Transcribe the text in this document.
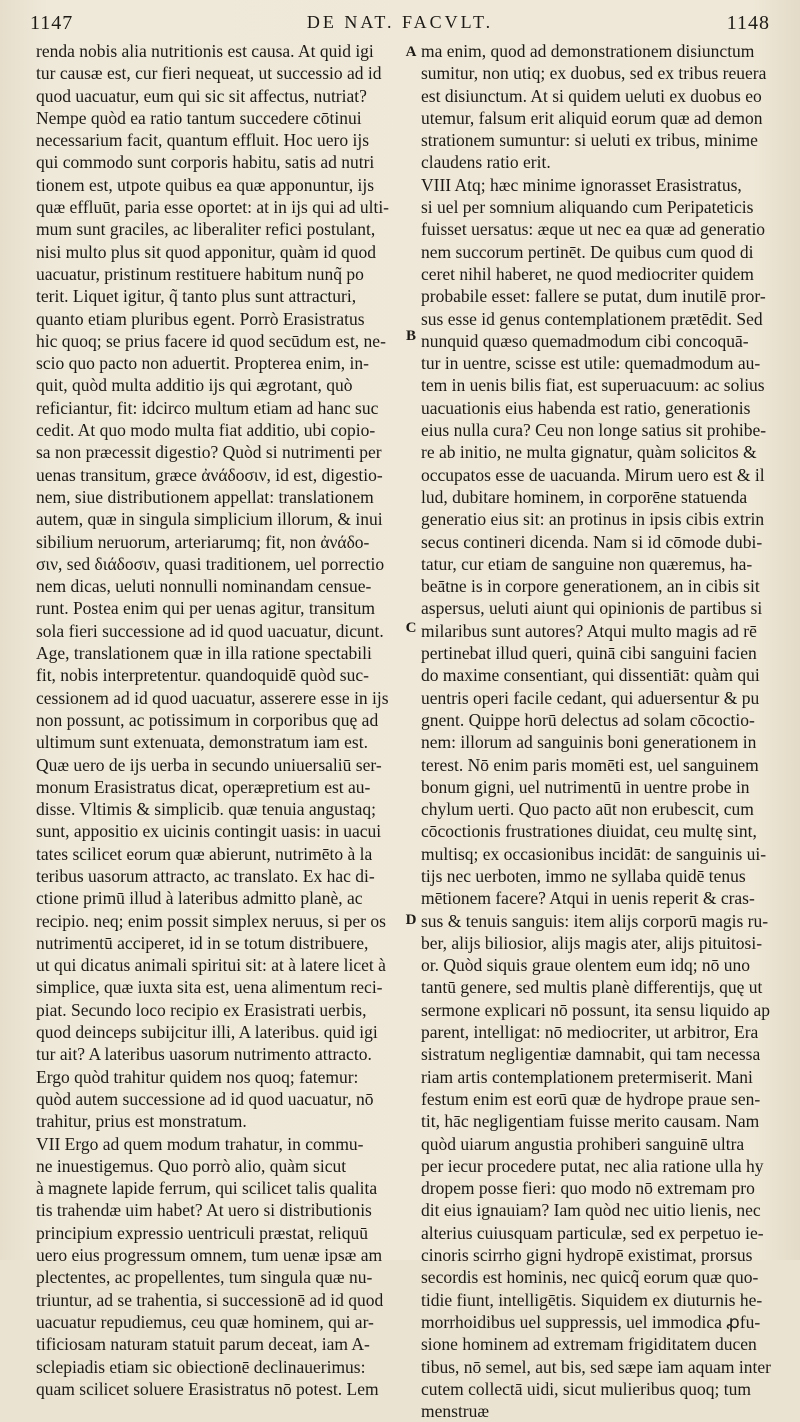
1147	DE NAT. FACVLT.	1148

renda nobis alia nutritionis est causa. At quid igi

tur causæ est, cur fieri nequeat, ut successio ad id

quod uacuatur, eum qui sic sit affectus, nutriat?

Nempe quòd ea ratio tantum succedere cōtinui

necessarium facit, quantum effluit. Hoc uero ijs

qui commodo sunt corporis habitu, satis ad nutri

tionem est, utpote quibus ea quæ apponuntur, ijs

quæ effluūt, paria esse oportet: at in ijs qui ad ulti-

mum sunt graciles, ac liberaliter refici postulant,

nisi multo plus sit quod apponitur, quàm id quod

uacuatur, pristinum restituere habitum nunq̃ po

terit. Liquet igitur, q̃ tanto plus sunt attracturi,

quanto etiam pluribus egent. Porrò Erasistratus

hic quoq; se prius facere id quod secūdum est, ne-

scio quo pacto non aduertit. Propterea enim, in-

quit, quòd multa additio ijs qui ægrotant, quò

reficiantur, fit: idcirco multum etiam ad hanc suc

cedit. At quo modo multa fiat additio, ubi copio-

sa non præcessit digestio? Quòd si nutrimenti per

uenas transitum, græce ἀνάδοσιν, id est, digestio-

nem, siue distributionem appellat: translationem

autem, quæ in singula simplicium illorum, & inui

sibilium neruorum, arteriarumq; fit, non ἀνάδο-

σιν, sed διάδοσιν, quasi traditionem, uel porrectio

nem dicas, ueluti nonnulli nominandam censue-

runt. Postea enim qui per uenas agitur, transitum

sola fieri successione ad id quod uacuatur, dicunt.

Age, translationem quæ in illa ratione spectabili

fit, nobis interpretentur. quandoquidē quòd suc-

cessionem ad id quod uacuatur, asserere esse in ijs

non possunt, ac potissimum in corporibus quę ad

ultimum sunt extenuata, demonstratum iam est.

Quæ uero de ijs uerba in secundo uniuersaliū ser-

monum Erasistratus dicat, operæpretium est au-

disse. Vltimis & simplicib. quæ tenuia angustaq;

sunt, appositio ex uicinis contingit uasis: in uacui

tates scilicet eorum quæ abierunt, nutrimēto à la

teribus uasorum attracto, ac translato. Ex hac di-

ctione primū illud à lateribus admitto planè, ac

recipio. neq; enim possit simplex neruus, si per os

nutrimentū acciperet, id in se totum distribuere,

ut qui dicatus animali spiritui sit: at à latere licet à

simplice, quæ iuxta sita est, uena alimentum reci-

piat. Secundo loco recipio ex Erasistrati uerbis,

quod deinceps subijcitur illi, A lateribus. quid igi

tur ait? A lateribus uasorum nutrimento attracto.

Ergo quòd trahitur quidem nos quoq; fatemur:

quòd autem successione ad id quod uacuatur, nō

trahitur, prius est monstratum.

VII Ergo ad quem modum trahatur, in commu-

ne inuestigemus. Quo porrò alio, quàm sicut

à magnete lapide ferrum, qui scilicet talis qualita

tis trahendæ uim habet? At uero si distributionis

principium expressio uentriculi præstat, reliquū

uero eius progressum omnem, tum uenæ ipsæ am

plectentes, ac propellentes, tum singula quæ nu-

triuntur, ad se trahentia, si successionē ad id quod

uacuatur repudiemus, ceu quæ hominem, qui ar-

tificiosam naturam statuit parum deceat, iam A-

sclepiadis etiam sic obiectionē declinauerimus:

quam scilicet soluere Erasistratus nō potest. Lem

ma enim, quod ad demonstrationem disiunctum

sumitur, non utiq; ex duobus, sed ex tribus reuera

est disiunctum. At si quidem ueluti ex duobus eo

utemur, falsum erit aliquid eorum quæ ad demon

strationem sumuntur: si ueluti ex tribus, minime

claudens ratio erit.

VIII Atq; hæc minime ignorasset Erasistratus,

si uel per somnium aliquando cum Peripateticis

fuisset uersatus: æque ut nec ea quæ ad generatio

nem succorum pertinēt. De quibus cum quod di

ceret nihil haberet, ne quod mediocriter quidem

probabile esset: fallere se putat, dum inutilē pror-

sus esse id genus contemplationem prætēdit. Sed

nunquid quæso quemadmodum cibi concoquā-

tur in uentre, scisse est utile: quemadmodum au-

tem in uenis bilis fiat, est superuacuum: ac solius

uacuationis eius habenda est ratio, generationis

eius nulla cura? Ceu non longe satius sit prohibe-

re ab initio, ne multa gignatur, quàm solicitos &

occupatos esse de uacuanda. Mirum uero est & il

lud, dubitare hominem, in corporēne statuenda

generatio eius sit: an protinus in ipsis cibis extrin

secus contineri dicenda. Nam si id cōmode dubi-

tatur, cur etiam de sanguine non quæremus, ha-

beātne is in corpore generationem, an in cibis sit

aspersus, ueluti aiunt qui opinionis de partibus si

milaribus sunt autores? Atqui multo magis ad rē

pertinebat illud queri, quinā cibi sanguini facien

do maxime consentiant, qui dissentiāt: quàm qui

uentris operi facile cedant, qui aduersentur & pu

gnent. Quippe horū delectus ad solam cōcoctio-

nem: illorum ad sanguinis boni generationem in

terest. Nō enim paris momēti est, uel sanguinem

bonum gigni, uel nutrimentū in uentre probe in

chylum uerti. Quo pacto aūt non erubescit, cum

cōcoctionis frustrationes diuidat, ceu multę sint,

multisq; ex occasionibus incidāt: de sanguinis ui-

tijs nec uerboten, immo ne syllaba quidē tenus

mētionem facere? Atqui in uenis reperit & cras-

sus & tenuis sanguis: item alijs corporū magis ru-

ber, alijs biliosior, alijs magis ater, alijs pituitosi-

or. Quòd siquis graue olentem eum idq; nō uno

tantū genere, sed multis planè differentijs, quę ut

sermone explicari nō possunt, ita sensu liquido ap

parent, intelligat: nō mediocriter, ut arbitror, Era

sistratum negligentiæ damnabit, qui tam necessa

riam artis contemplationem pretermiserit. Mani

festum enim est eorū quæ de hydrope praue sen-

tit, hāc negligentiam fuisse merito causam. Nam

quòd uiarum angustia prohiberi sanguinē ultra

per iecur procedere putat, nec alia ratione ulla hy

dropem posse fieri: quo modo nō extremam pro

dit eius ignauiam? Iam quòd nec uitio lienis, nec

alterius cuiusquam particulæ, sed ex perpetuo ie-

cinoris scirrho gigni hydropē existimat, prorsus

secordis est hominis, nec quicq̃ eorum quæ quo-

tidie fiunt, intelligētis. Siquidem ex diuturnis he-

morrhoidibus uel suppressis, uel immodica ꝓfu-

sione hominem ad extremam frigiditatem ducen

tibus, nō semel, aut bis, sed sæpe iam aquam inter

cutem collectā uidi, sicut mulieribus quoq; tum

menstruæ

A
B
C
D
